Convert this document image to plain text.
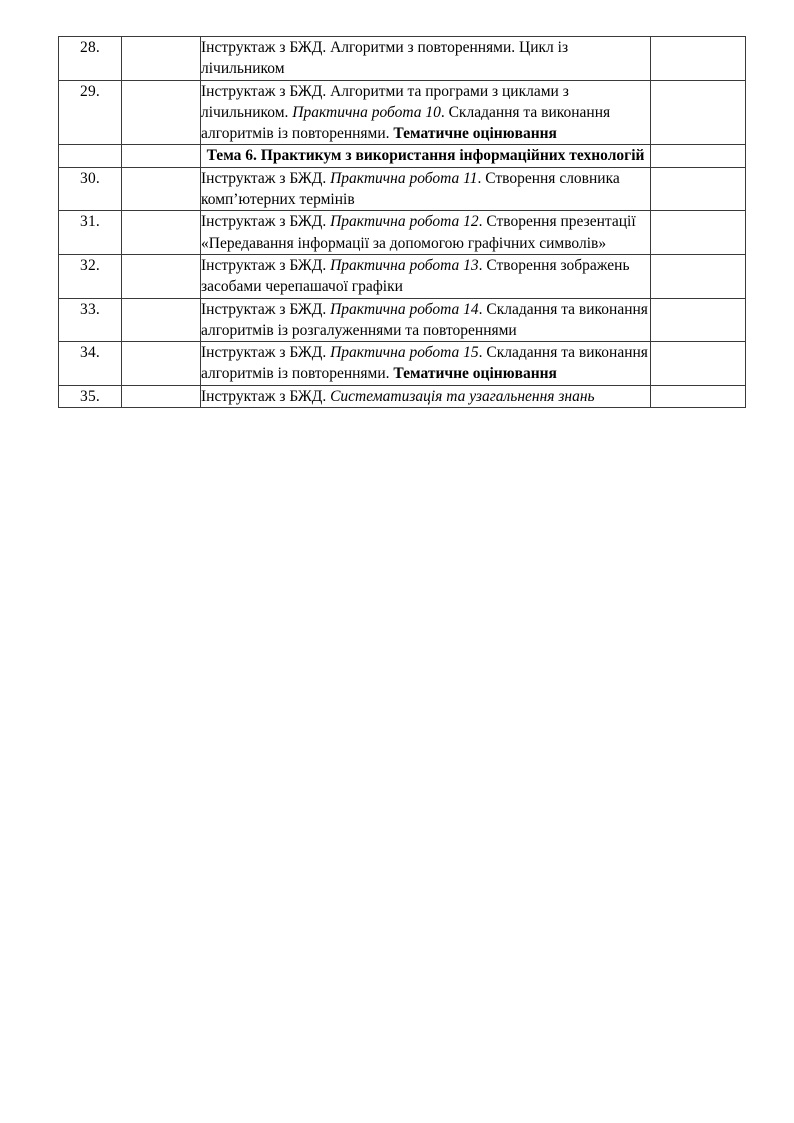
28.		Інструктаж з БЖД. Алгоритми з повтореннями. Цикл із лічильником	
29.		Інструктаж з БЖД. Алгоритми та програми з циклами з лічильником. Практична робота 10. Складання та виконання алгоритмів із повтореннями. Тематичне оцінювання	
		Тема 6. Практикум з використання інформаційних технологій	
30.		Інструктаж з БЖД. Практична робота 11. Створення словника комп’ютерних термінів	
31.		Інструктаж з БЖД. Практична робота 12. Створення презентації «Передавання інформації за допомогою графічних символів»	
32.		Інструктаж з БЖД. Практична робота 13. Створення зображень засобами черепашачої графіки	
33.		Інструктаж з БЖД. Практична робота 14. Складання та виконання алгоритмів із розгалуженнями та повтореннями	
34.		Інструктаж з БЖД. Практична робота 15. Складання та виконання алгоритмів із повтореннями. Тематичне оцінювання	
35.		Інструктаж з БЖД. Систематизація та узагальнення знань	
